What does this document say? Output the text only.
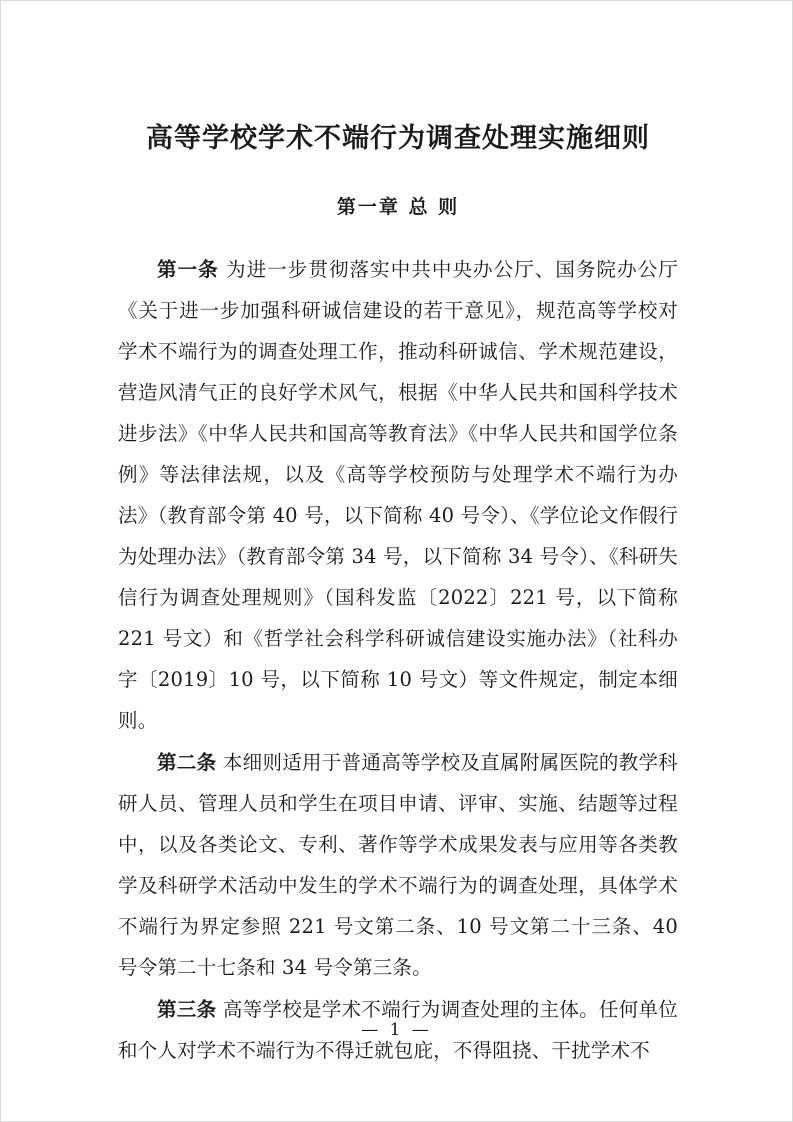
高等学校学术不端行为调查处理实施细则
第一章 总 则

第一条 为进一步贯彻落实中共中央办公厅、国务院办公厅《关于进一步加强科研诚信建设的若干意见》，规范高等学校对学术不端行为的调查处理工作，推动科研诚信、学术规范建设，营造风清气正的良好学术风气，根据《中华人民共和国科学技术进步法》《中华人民共和国高等教育法》《中华人民共和国学位条例》等法律法规，以及《高等学校预防与处理学术不端行为办法》（教育部令第 40 号，以下简称 40 号令）、《学位论文作假行为处理办法》（教育部令第 34 号，以下简称 34 号令）、《科研失信行为调查处理规则》（国科发监〔2022〕221 号，以下简称 221 号文）和《哲学社会科学科研诚信建设实施办法》（社科办字〔2019〕10 号，以下简称 10 号文）等文件规定，制定本细则。

第二条 本细则适用于普通高等学校及直属附属医院的教学科研人员、管理人员和学生在项目申请、评审、实施、结题等过程中，以及各类论文、专利、著作等学术成果发表与应用等各类教学及科研学术活动中发生的学术不端行为的调查处理，具体学术不端行为界定参照 221 号文第二条、10 号文第二十三条、40 号令第二十七条和 34 号令第三条。

第三条 高等学校是学术不端行为调查处理的主体。任何单位和个人对学术不端行为不得迁就包庇，不得阻挠、干扰学术不

— 1 —
